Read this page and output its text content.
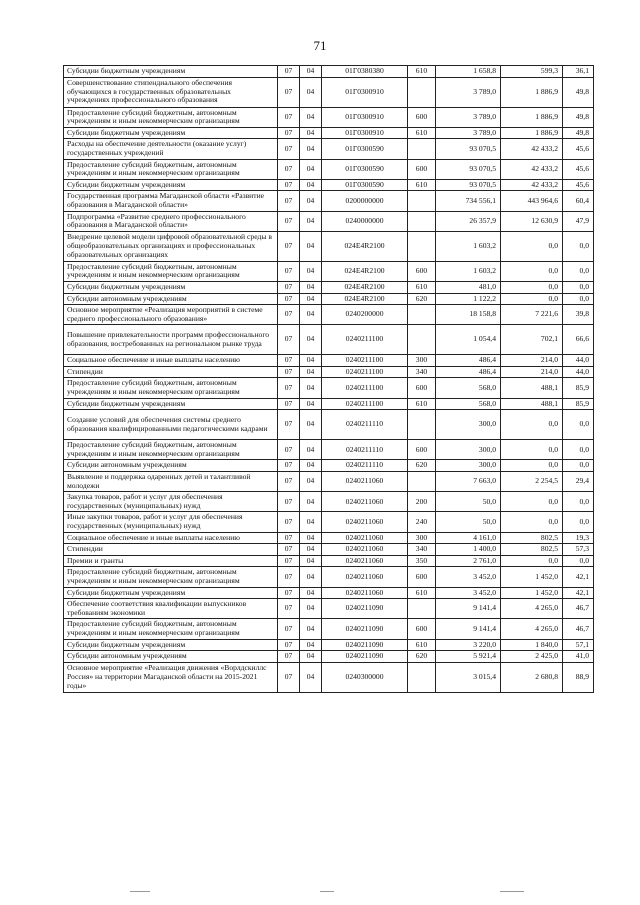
71
Субсидии бюджетным учреждениям	07	04	01Г0380380	610	1 658,8	599,3	36,1
Совершенствование стипендиального обеспечения обучающихся в государственных образовательных учреждениях профессионального образования	07	04	01Г0300910		3 789,0	1 886,9	49,8
Предоставление субсидий бюджетным, автономным учреждениям и иным некоммерческим организациям	07	04	01Г0300910	600	3 789,0	1 886,9	49,8
Субсидии бюджетным учреждениям	07	04	01Г0300910	610	3 789,0	1 886,9	49,8
Расходы на обеспечение деятельности (оказание услуг) государственных учреждений	07	04	01Г0300590		93 070,5	42 433,2	45,6
Предоставление субсидий бюджетным, автономным учреждениям и иным некоммерческим организациям	07	04	01Г0300590	600	93 070,5	42 433,2	45,6
Субсидии бюджетным учреждениям	07	04	01Г0300590	610	93 070,5	42 433,2	45,6
Государственная программа Магаданской области «Развитие образования в Магаданской области»	07	04	0200000000		734 556,1	443 964,6	60,4
Подпрограмма «Развитие среднего профессионального образования в Магаданской области»	07	04	0240000000		26 357,9	12 630,9	47,9
Внедрение целевой модели цифровой образовательной среды в общеобразовательных организациях и профессиональных образовательных организациях	07	04	024E4R2100		1 603,2	0,0	0,0
Предоставление субсидий бюджетным, автономным учреждениям и иным некоммерческим организациям	07	04	024E4R2100	600	1 603,2	0,0	0,0
Субсидии бюджетным учреждениям	07	04	024E4R2100	610	481,0	0,0	0,0
Субсидии автономным учреждениям	07	04	024E4R2100	620	1 122,2	0,0	0,0
Основное мероприятие «Реализация мероприятий в системе среднего профессионального образования»	07	04	0240200000		18 158,8	7 221,6	39,8
Повышение привлекательности программ профессионального образования, востребованных на региональном рынке труда	07	04	0240211100		1 054,4	702,1	66,6
Социальное обеспечение и иные выплаты населению	07	04	0240211100	300	486,4	214,0	44,0
Стипендии	07	04	0240211100	340	486,4	214,0	44,0
Предоставление субсидий бюджетным, автономным учреждениям и иным некоммерческим организациям	07	04	0240211100	600	568,0	488,1	85,9
Субсидии бюджетным учреждениям	07	04	0240211100	610	568,0	488,1	85,9
Создание условий для обеспечения системы среднего образования квалифицированными педагогическими кадрами	07	04	0240211110		300,0	0,0	0,0
Предоставление субсидий бюджетным, автономным учреждениям и иным некоммерческим организациям	07	04	0240211110	600	300,0	0,0	0,0
Субсидии автономным учреждениям	07	04	0240211110	620	300,0	0,0	0,0
Выявление и поддержка одаренных детей и талантливой молодежи	07	04	0240211060		7 663,0	2 254,5	29,4
Закупка товаров, работ и услуг для обеспечения государственных (муниципальных) нужд	07	04	0240211060	200	50,0	0,0	0,0
Иные закупки товаров, работ и услуг для обеспечения государственных (муниципальных) нужд	07	04	0240211060	240	50,0	0,0	0,0
Социальное обеспечение и иные выплаты населению	07	04	0240211060	300	4 161,0	802,5	19,3
Стипендии	07	04	0240211060	340	1 400,0	802,5	57,3
Премии и гранты	07	04	0240211060	350	2 761,0	0,0	0,0
Предоставление субсидий бюджетным, автономным учреждениям и иным некоммерческим организациям	07	04	0240211060	600	3 452,0	1 452,0	42,1
Субсидии бюджетным учреждениям	07	04	0240211060	610	3 452,0	1 452,0	42,1
Обеспечение соответствия квалификации выпускников требованиям экономики	07	04	0240211090		9 141,4	4 265,0	46,7
Предоставление субсидий бюджетным, автономным учреждениям и иным некоммерческим организациям	07	04	0240211090	600	9 141,4	4 265,0	46,7
Субсидии бюджетным учреждениям	07	04	0240211090	610	3 220,0	1 840,0	57,1
Субсидии автономным учреждениям	07	04	0240211090	620	5 921,4	2 425,0	41,0
Основное мероприятие «Реализация движения «Ворлдскиллс Россия» на территории Магаданской области на 2015-2021 годы»	07	04	0240300000		3 015,4	2 680,8	88,9
